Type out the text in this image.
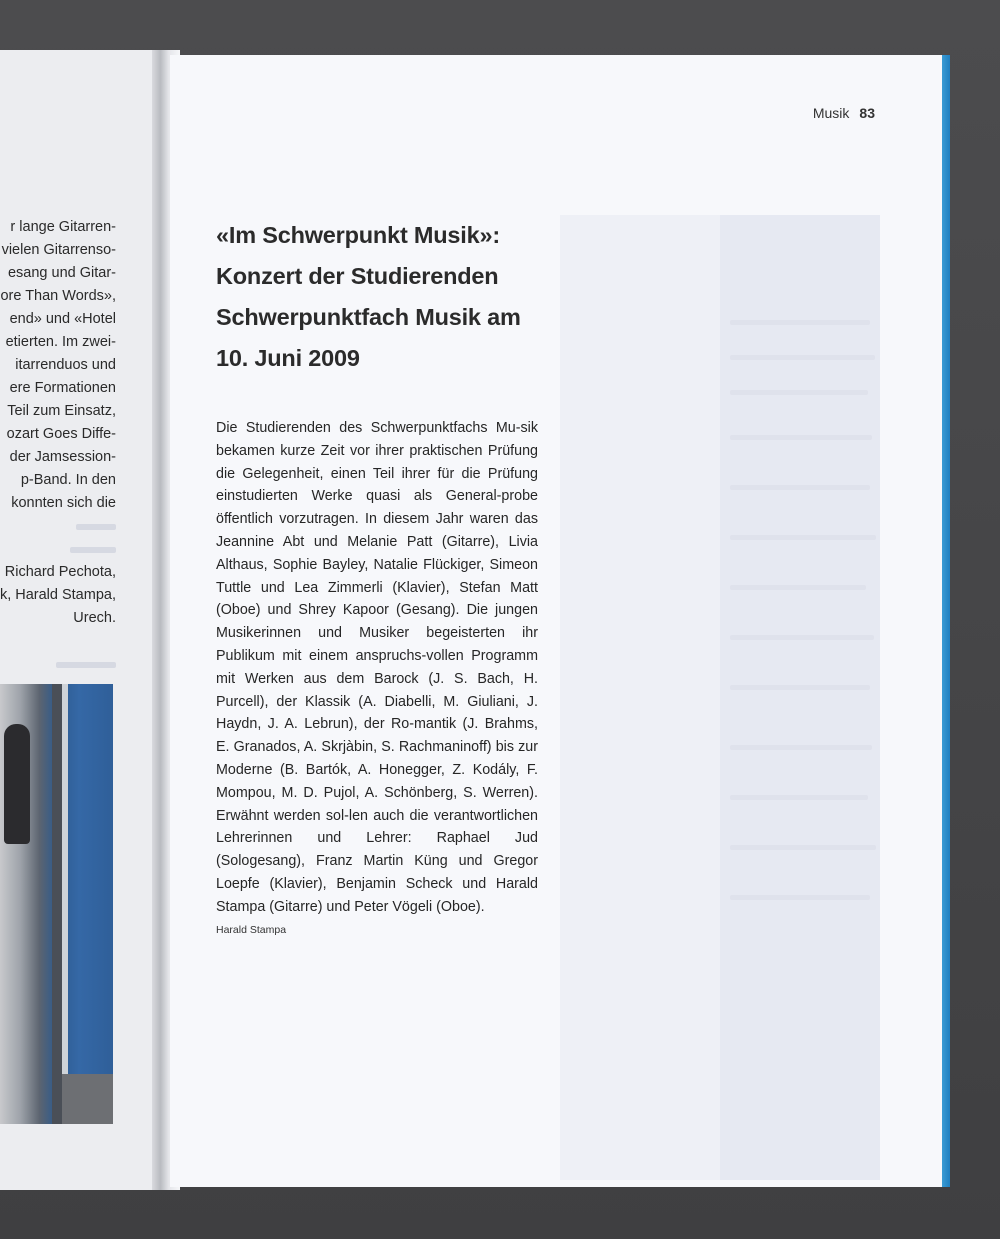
r lange Gitarren-
vielen Gitarrenso-
esang und Gitar-
ore Than Words»,
end» und «Hotel
etierten. Im zwei-
itarrenduos und
ere Formationen
Teil zum Einsatz,
ozart Goes Diffe-
der Jamsession-
p-Band. In den
konnten sich die
Richard Pechota,
k, Harald Stampa,
Urech.
Musik 83
«Im Schwerpunkt Musik»: Konzert der Studierenden Schwerpunktfach Musik am 10. Juni 2009

Die Studierenden des Schwerpunktfachs Mu-sik bekamen kurze Zeit vor ihrer praktischen Prüfung die Gelegenheit, einen Teil ihrer für die Prüfung einstudierten Werke quasi als General-probe öffentlich vorzutragen. In diesem Jahr waren das Jeannine Abt und Melanie Patt (Gitarre), Livia Althaus, Sophie Bayley, Natalie Flückiger, Simeon Tuttle und Lea Zimmerli (Klavier), Stefan Matt (Oboe) und Shrey Kapoor (Gesang). Die jungen Musikerinnen und Musiker begeisterten ihr Publikum mit einem anspruchs-vollen Programm mit Werken aus dem Barock (J. S. Bach, H. Purcell), der Klassik (A. Diabelli, M. Giuliani, J. Haydn, J. A. Lebrun), der Ro-mantik (J. Brahms, E. Granados, A. Skrjàbin, S. Rachmaninoff) bis zur Moderne (B. Bartók, A. Honegger, Z. Kodály, F. Mompou, M. D. Pujol, A. Schönberg, S. Werren). Erwähnt werden sol-len auch die verantwortlichen Lehrerinnen und Lehrer: Raphael Jud (Sologesang), Franz Martin Küng und Gregor Loepfe (Klavier), Benjamin Scheck und Harald Stampa (Gitarre) und Peter Vögeli (Oboe).

Harald Stampa
